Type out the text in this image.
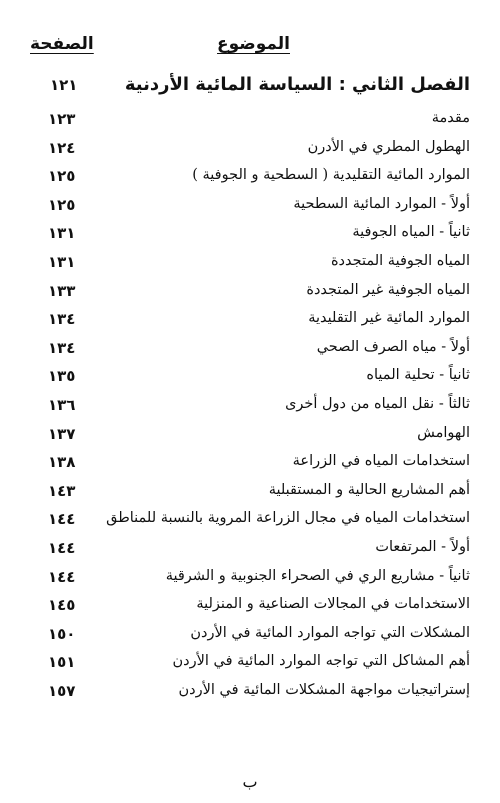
الموضوع
الصفحة
الفصل الثاني : السياسة المائية الأردنية
١٢١
مقدمة
١٢٣
الهطول المطري في الأدرن
١٢٤
الموارد المائية التقليدية ( السطحية و الجوفية )
١٢٥
أولاً - الموارد المائية السطحية
١٢٥
ثانياً - المياه الجوفية
١٣١
المياه الجوفية المتجددة
١٣١
المياه الجوفية غير المتجددة
١٣٣
الموارد المائية غير التقليدية
١٣٤
أولاً - مياه الصرف الصحي
١٣٤
ثانياً - تحلية المياه
١٣٥
ثالثاً - نقل المياه من دول أخرى
١٣٦
الهوامش
١٣٧
استخدامات المياه في الزراعة
١٣٨
أهم المشاريع الحالية و المستقبلية
١٤٣
استخدامات المياه في مجال الزراعة المروية بالنسبة للمناطق
١٤٤
أولاً - المرتفعات
١٤٤
ثانياً - مشاريع الري في الصحراء الجنوبية و الشرقية
١٤٤
الاستخدامات في المجالات الصناعية و المنزلية
١٤٥
المشكلات التي تواجه الموارد المائية في الأردن
١٥٠
أهم المشاكل التي تواجه الموارد المائية في الأردن
١٥١
إستراتيجيات مواجهة المشكلات المائية في الأردن
١٥٧
ب
